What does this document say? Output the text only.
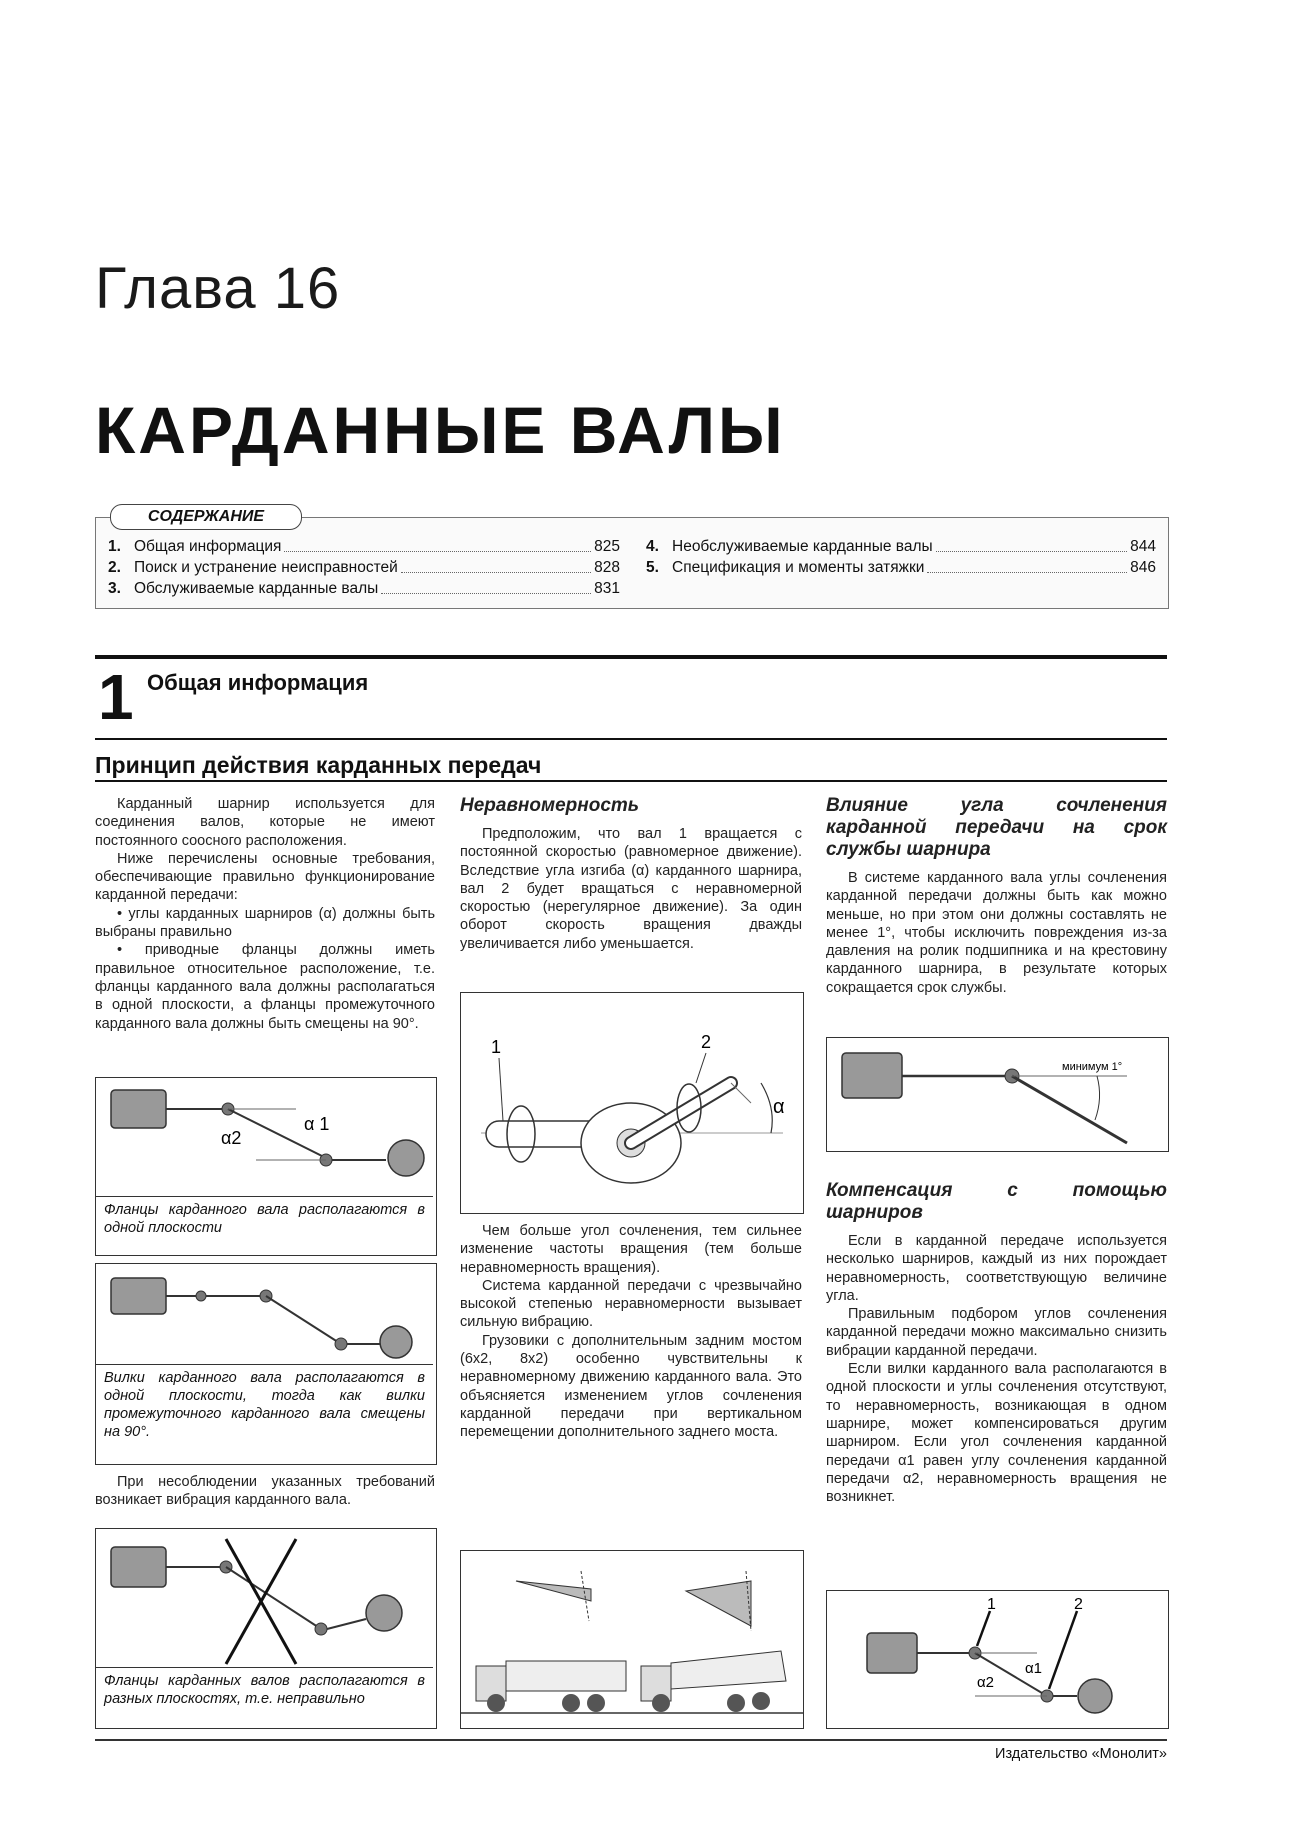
Глава 16
КАРДАННЫЕ ВАЛЫ
1. Общая информация	825
2. Поиск и устранение неисправностей	828
3. Обслуживаемые карданные валы	831
4. Необслуживаемые карданные валы	844
5. Спецификация и моменты затяжки	846
СОДЕРЖАНИЕ
1 Общая информация
Принцип действия карданных передач

Карданный шарнир используется для соединения валов, которые не имеют постоянного соосного расположения.

Ниже перечислены основные требования, обеспечивающие правильно функционирование карданной передачи:

• углы карданных шарниров (α) должны быть выбраны правильно

• приводные фланцы должны иметь правильное относительное расположение, т.е. фланцы карданного вала должны располагаться в одной плоскости, а фланцы промежуточного карданного вала должны быть смещены на 90°.

α 1
α2
Фланцы карданного вала располагаются в одной плоскости
Вилки карданного вала располагаются в одной плоскости, тогда как вилки промежуточного карданного вала смещены на 90°.

При несоблюдении указанных требований возникает вибрация карданного вала.

Фланцы карданных валов располагаются в разных плоскостях, т.е. неправильно
Неравномерность

Предположим, что вал 1 вращается с постоянной скоростью (равномерное движение). Вследствие угла изгиба (α) карданного шарнира, вал 2 будет вращаться с неравномерной скоростью (нерегулярное движение). За один оборот скорость вращения дважды увеличивается либо уменьшается.

1	2
α

Чем больше угол сочленения, тем сильнее изменение частоты вращения (тем больше неравномерность вращения).

Система карданной передачи с чрезвычайно высокой степенью неравномерности вызывает сильную вибрацию.

Грузовики с дополнительным задним мостом (6х2, 8х2) особенно чувствительны к неравномерному движению карданного вала. Это объясняется изменением углов сочленения карданной передачи при вертикальном перемещении дополнительного заднего моста.

Влияние угла сочленения карданной передачи на срок службы шарнира

В системе карданного вала углы сочленения карданной передачи должны быть как можно меньше, но при этом они должны составлять не менее 1°, чтобы исключить повреждения из-за давления на ролик подшипника и на крестовину карданного шарнира, в результате которых сокращается срок службы.

минимум 1°
Компенсация с помощью шарниров

Если в карданной передаче используется несколько шарниров, каждый из них порождает неравномерность, соответствующую величине угла.

Правильным подбором углов сочленения карданной передачи можно максимально снизить вибрации карданной передачи.

Если вилки карданного вала располагаются в одной плоскости и углы сочленения отсутствуют, то неравномерность, возникающая в одном шарнире, может компенсироваться другим шарниром. Если угол сочленения карданной передачи α1 равен углу сочленения карданной передачи α2, неравномерность вращения не возникнет.

1	2
α1
α2
Издательство «Монолит»
